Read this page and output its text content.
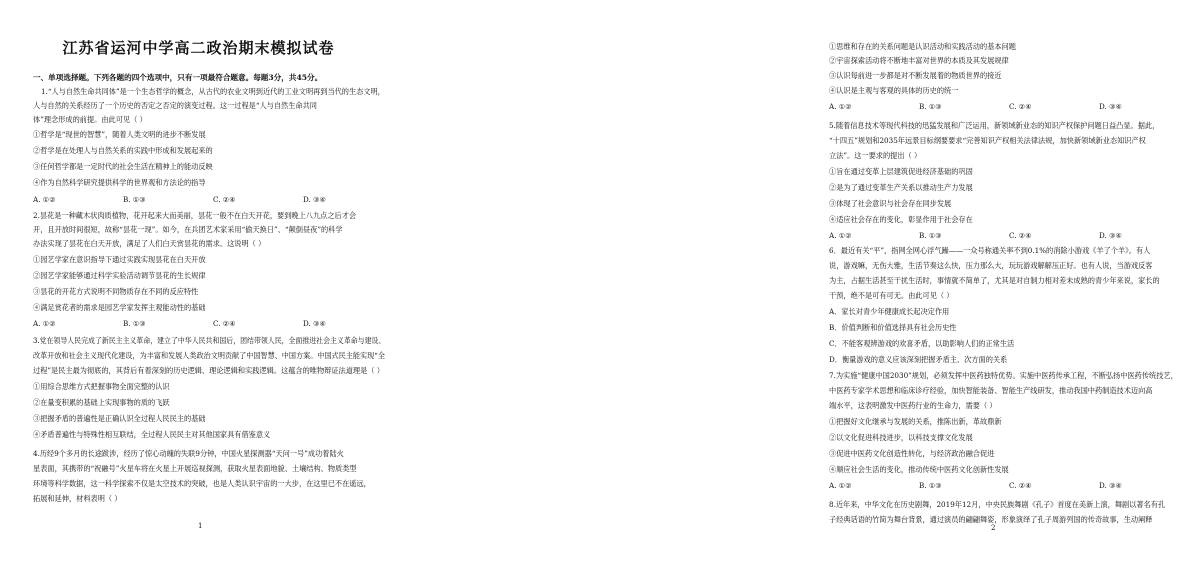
江苏省运河中学高二政治期末模拟试卷
一、单项选择题。下列各题的四个选项中，只有一项最符合题意。每题3分，共45分。
1.“人与自然生命共同体”是一个生态哲学的概念，从古代的农业文明到近代的工业文明再到当代的生态文明，
人与自然的关系经历了一个历史的否定之否定的演变过程。这一过程是“人与自然生命共同
体”理念形成的前提。由此可见（ ）
①哲学是“现世的智慧”，随着人类文明的进步不断发展
②哲学是在处理人与自然关系的实践中形成和发展起来的
③任何哲学都是一定时代的社会生活在精神上的能动反映
④作为自然科学研究提供科学的世界观和方法论的指导
A. ①②	B. ①③	C. ②④	D. ③④
2.昙花是一种藏木状肉质植物，花开起来大而美丽，昙花一般不在白天开花，要到晚上八九点之后才会
开，且开放时间很短，故称“昙花一现”。如今，在兵团艺术家采用“偷天换日”、“颠倒昼夜”的科学
办法实现了昙花在白天开放，满足了人们白天赏昙花的需求。这说明（ ）
①园艺学家在意识指导下通过实践实现昙花在白天开放
②园艺学家能够通过科学实验活动调节昙花的生长规律
③昙花的开花方式说明不同物质存在不同的反应特性
④满足赏花者的需求是园艺学家发挥主观能动性的基础
A. ①②	B. ①③	C. ②④	D. ③④
3.党在领导人民完成了新民主主义革命，建立了中华人民共和国后，团结带领人民，全面推进社会主义革命与建设、
改革开放和社会主义现代化建设，为丰富和发展人类政治文明贡献了中国智慧、中国方案。中国式民主能实现“全
过程”是民主最为彻底的，其背后有着深刻的历史逻辑、理论逻辑和实践逻辑。这蕴含的唯物辩证法道理是（ ）
①用综合思维方式把握事物全面完整的认识
②在量变积累的基础上实现事物的质的飞跃
③把握矛盾的普遍性是正确认识全过程人民民主的基础
④矛盾普遍性与特殊性相互联结，全过程人民民主对其他国家具有借鉴意义
4.历经9个多月的长途跋涉，经历了惊心动魄的失联9分钟，中国火星探测器“天问一号”成功着陆火
星表面，其携带的“祝融号”火星车将在火星上开展巡视探测，获取火星表面地貌、土壤结构、物质类型
环境等科学数据，这一科学探索不仅是太空技术的突破，也是人类认识宇宙的一大步，在这里已不在遥远，
拓展和延伸，材料表明（ ）
1
①思维和存在的关系问题是认识活动和实践活动的基本问题
②宇宙探索活动将不断地丰富对世界的本质及其发展规律
③认识每前进一步都是对不断发展着的物质世界的接近
④认识是主观与客观的具体的历史的统一
A. ①②	B. ①③	C. ②④	D. ③④
5.随着信息技术等现代科技的迅猛发展和广泛运用，新领域新业态的知识产权保护问题日益凸显。据此，
“十四五”规划和2035年远景目标纲要要求“完善知识产权相关法律法规，加快新领域新业态知识产权
立法”。这一要求的提出（ ）
①旨在通过变革上层建筑促进经济基础的巩固
②是为了通过变革生产关系以推动生产力发展
③体现了社会意识与社会存在同步发展
④适应社会存在的变化，彰显作用于社会存在
A. ①②	B. ①③	C. ②④	D. ③④
6．最近有关“平”，指网全网心浮气躁——一众号称通关率不到0.1%的消除小游戏《羊了个羊》。有人
说，游戏嘛，无伤大雅，生活节奏这么快，压力那么大，玩玩游戏解解压正好。也有人说，当游戏反客
为主，占据生活甚至干扰生活时，事情就不简单了，尤其是对自制力相对差未成熟的青少年来说，家长的
干预，绝不是可有可无。由此可见（ ）
A．家长对青少年健康成长起决定作用
B．价值判断和价值选择具有社会历史性
C．不能客观辨游戏的欢喜矛盾，以助影响人们的正常生活
D．衡量游戏的意义应该深刻把握矛盾主、次方面的关系
7.为实施“健康中国2030”规划，必须发挥中医药独特优势。实施中医药传承工程，不断弘扬中医药传统技艺，
中医药专家学术思想和临床诊疗经验，加快智能装备、智能生产线研发，推动我国中药制造技术迈向高
端水平，这表明激发中医药行业的生命力，需要（ ）
①把握好文化继承与发展的关系，推陈出新，革故鼎新
②以文化促进科技进步，以科技支撑文化发展
③促进中医药文化创造性转化，与经济政治融合促进
④顺应社会生活的变化，推动传统中医药文化创新性发展
A. ①②	B. ①③	C. ②④	D. ③④
8.近年来，中华文化在历史剧舞，2019年12月，中央民族舞剧《孔子》首度在美新上演，舞剧以著名有孔
子经典话语的竹简为舞台背景，通过演员的翩翩舞姿，形象演绎了孔子周游列国的传奇故事，生动阐释
2
